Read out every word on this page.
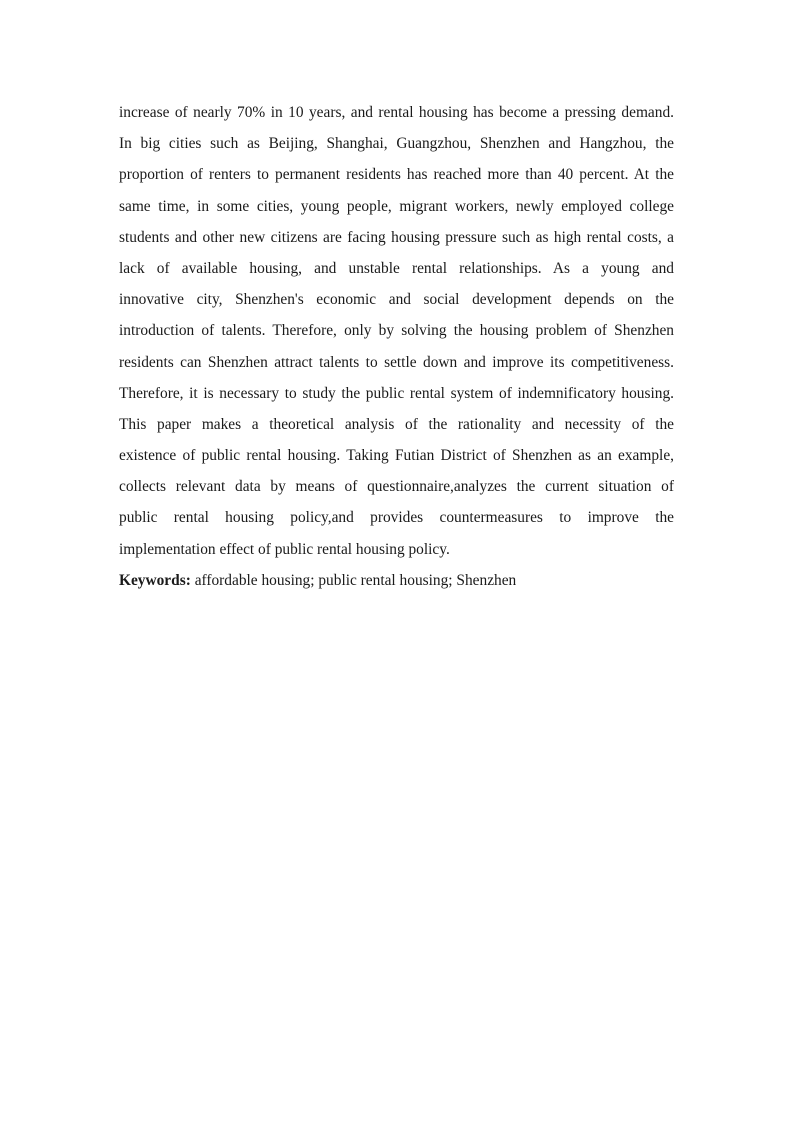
increase of nearly 70% in 10 years, and rental housing has become a pressing demand.
In big cities such as Beijing, Shanghai, Guangzhou, Shenzhen and Hangzhou, the
proportion of renters to permanent residents has reached more than 40 percent. At the
same time, in some cities, young people, migrant workers, newly employed college
students and other new citizens are facing housing pressure such as high rental costs, a
lack of available housing, and unstable rental relationships. As a young and
innovative city, Shenzhen's economic and social development depends on the
introduction of talents. Therefore, only by solving the housing problem of Shenzhen
residents can Shenzhen attract talents to settle down and improve its competitiveness.
Therefore, it is necessary to study the public rental system of indemnificatory housing.
This paper makes a theoretical analysis of the rationality and necessity of the
existence of public rental housing. Taking Futian District of Shenzhen as an example,
collects relevant data by means of questionnaire,analyzes the current situation of
public rental housing policy,and provides countermeasures to improve the
implementation effect of public rental housing policy.
Keywords: affordable housing; public rental housing; Shenzhen
